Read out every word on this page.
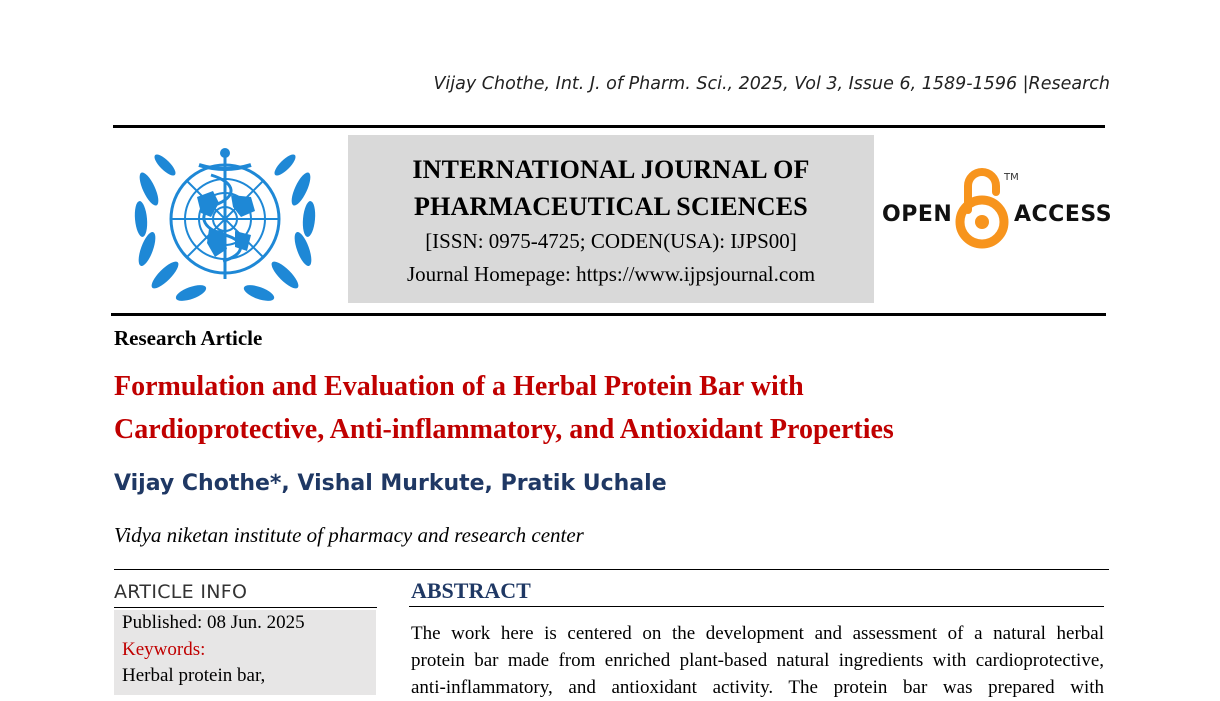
Vijay Chothe, Int. J. of Pharm. Sci., 2025, Vol 3, Issue 6, 1589-1596 |Research
INTERNATIONAL JOURNAL OF
PHARMACEUTICAL SCIENCES
[ISSN: 0975-4725; CODEN(USA): IJPS00]
Journal Homepage: https://www.ijpsjournal.com
OPEN
TM
ACCESS
Research Article
Formulation and Evaluation of a Herbal Protein Bar with
Cardioprotective, Anti-inflammatory, and Antioxidant Properties
Vijay Chothe*, Vishal Murkute, Pratik Uchale
Vidya niketan institute of pharmacy and research center
ARTICLE INFO
Published: 08 Jun. 2025
Keywords:
Herbal protein bar,
ABSTRACT
The work here is centered on the development and assessment of a natural herbal
protein bar made from enriched plant-based natural ingredients with cardioprotective,
anti-inflammatory, and antioxidant activity. The protein bar was prepared with
